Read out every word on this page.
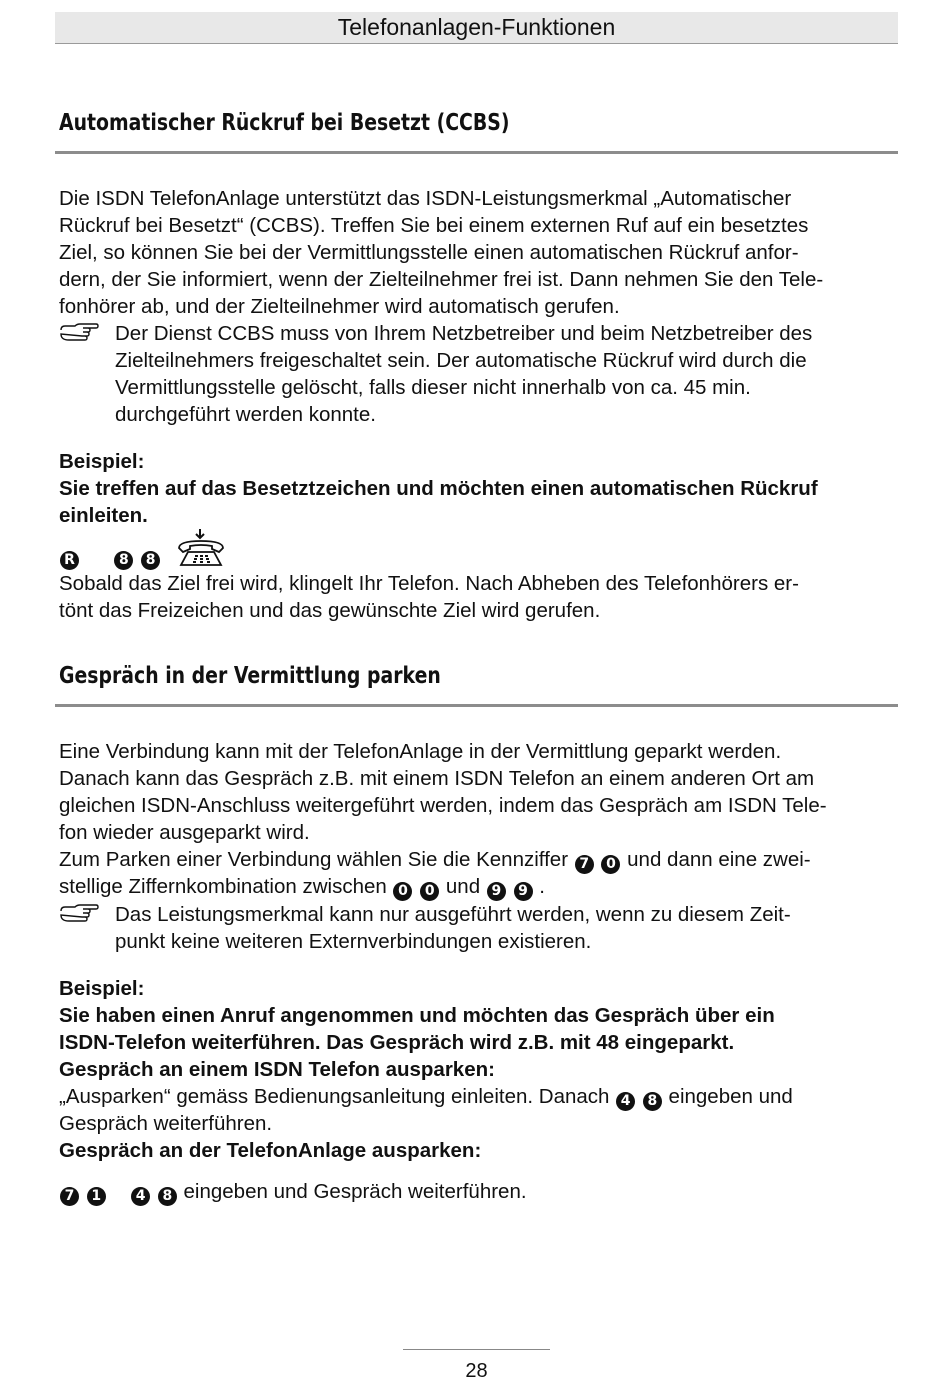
Telefonanlagen-Funktionen
Automatischer Rückruf bei Besetzt (CCBS)
Die ISDN TelefonAnlage unterstützt das ISDN-Leistungsmerkmal „Automatischer
Rückruf bei Besetzt“ (CCBS). Treffen Sie bei einem externen Ruf auf ein besetztes
Ziel, so können Sie bei der Vermittlungsstelle einen automatischen Rückruf anfor-
dern, der Sie informiert, wenn der Zielteilnehmer frei ist. Dann nehmen Sie den Tele-
fonhörer ab, und der Zielteilnehmer wird automatisch gerufen.
Der Dienst CCBS muss von Ihrem Netzbetreiber und beim Netzbetreiber des
Zielteilnehmers freigeschaltet sein. Der automatische Rückruf wird durch die
Vermittlungsstelle gelöscht, falls dieser nicht innerhalb von ca. 45 min.
durchgeführt werden konnte.
Beispiel:
Sie treffen auf das Besetztzeichen und möchten einen automatischen Rückruf
einleiten.
R	8 8
Sobald das Ziel frei wird, klingelt Ihr Telefon. Nach Abheben des Telefonhörers er-
tönt das Freizeichen und das gewünschte Ziel wird gerufen.
Gespräch in der Vermittlung parken
Eine Verbindung kann mit der TelefonAnlage in der Vermittlung geparkt werden.
Danach kann das Gespräch z.B. mit einem ISDN Telefon an einem anderen Ort am
gleichen ISDN-Anschluss weitergeführt werden, indem das Gespräch am ISDN Tele-
fon wieder ausgeparkt wird.
Zum Parken einer Verbindung wählen Sie die Kennziffer 7 0 und dann eine zwei-
stellige Ziffernkombination zwischen 0 0 und 9 9 .
Das Leistungsmerkmal kann nur ausgeführt werden, wenn zu diesem Zeit-
punkt keine weiteren Externverbindungen existieren.
Beispiel:
Sie haben einen Anruf angenommen und möchten das Gespräch über ein
ISDN-Telefon weiterführen. Das Gespräch wird z.B. mit 48 eingeparkt.
Gespräch an einem ISDN Telefon ausparken:
„Ausparken“ gemäss Bedienungsanleitung einleiten. Danach 4 8 eingeben und
Gespräch weiterführen.
Gespräch an der TelefonAnlage ausparken:
7 1 4 8 eingeben und Gespräch weiterführen.
28
